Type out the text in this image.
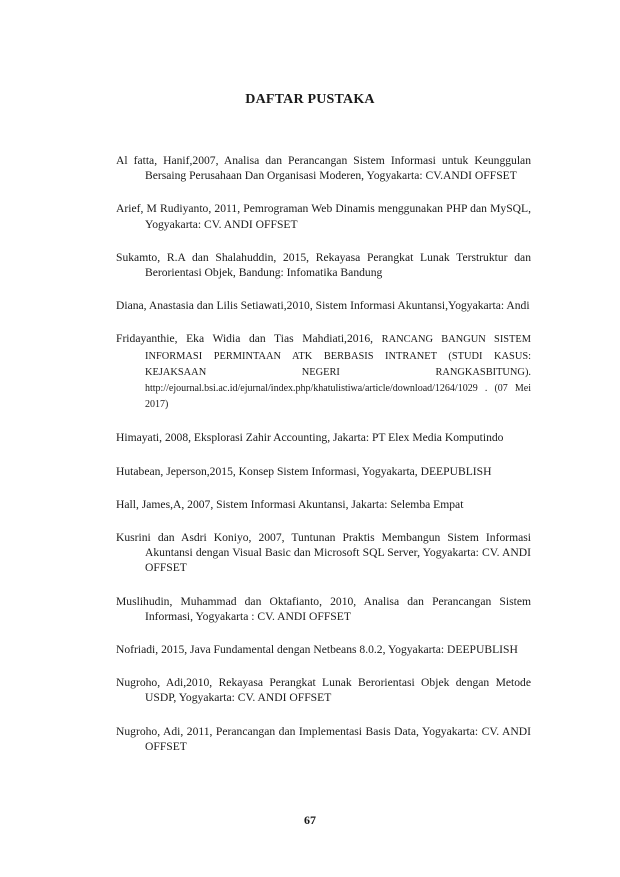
DAFTAR PUSTAKA

Al fatta, Hanif,2007, Analisa dan Perancangan Sistem Informasi untuk Keunggulan Bersaing Perusahaan Dan Organisasi Moderen, Yogyakarta: CV.ANDI OFFSET

Arief, M Rudiyanto, 2011, Pemrograman Web Dinamis menggunakan PHP dan MySQL, Yogyakarta: CV. ANDI OFFSET

Sukamto, R.A dan Shalahuddin, 2015, Rekayasa Perangkat Lunak Terstruktur dan Berorientasi Objek, Bandung: Infomatika Bandung

Diana, Anastasia dan Lilis Setiawati,2010, Sistem Informasi Akuntansi,Yogyakarta: Andi

Fridayanthie, Eka Widia dan Tias Mahdiati,2016, RANCANG BANGUN SISTEM INFORMASI PERMINTAAN ATK BERBASIS INTRANET (STUDI KASUS: KEJAKSAAN NEGERI RANGKASBITUNG). http://ejournal.bsi.ac.id/ejurnal/index.php/khatulistiwa/article/download/1264/1029 . (07 Mei 2017)

Himayati, 2008, Eksplorasi Zahir Accounting, Jakarta: PT Elex Media Komputindo

Hutabean, Jeperson,2015, Konsep Sistem Informasi, Yogyakarta, DEEPUBLISH

Hall, James,A, 2007, Sistem Informasi Akuntansi, Jakarta: Selemba Empat

Kusrini dan Asdri Koniyo, 2007, Tuntunan Praktis Membangun Sistem Informasi Akuntansi dengan Visual Basic dan Microsoft SQL Server, Yogyakarta: CV. ANDI OFFSET

Muslihudin, Muhammad dan Oktafianto, 2010, Analisa dan Perancangan Sistem Informasi, Yogyakarta : CV. ANDI OFFSET

Nofriadi, 2015, Java Fundamental dengan Netbeans 8.0.2, Yogyakarta: DEEPUBLISH

Nugroho, Adi,2010, Rekayasa Perangkat Lunak Berorientasi Objek dengan Metode USDP, Yogyakarta: CV. ANDI OFFSET

Nugroho, Adi, 2011, Perancangan dan Implementasi Basis Data, Yogyakarta: CV. ANDI OFFSET

67
